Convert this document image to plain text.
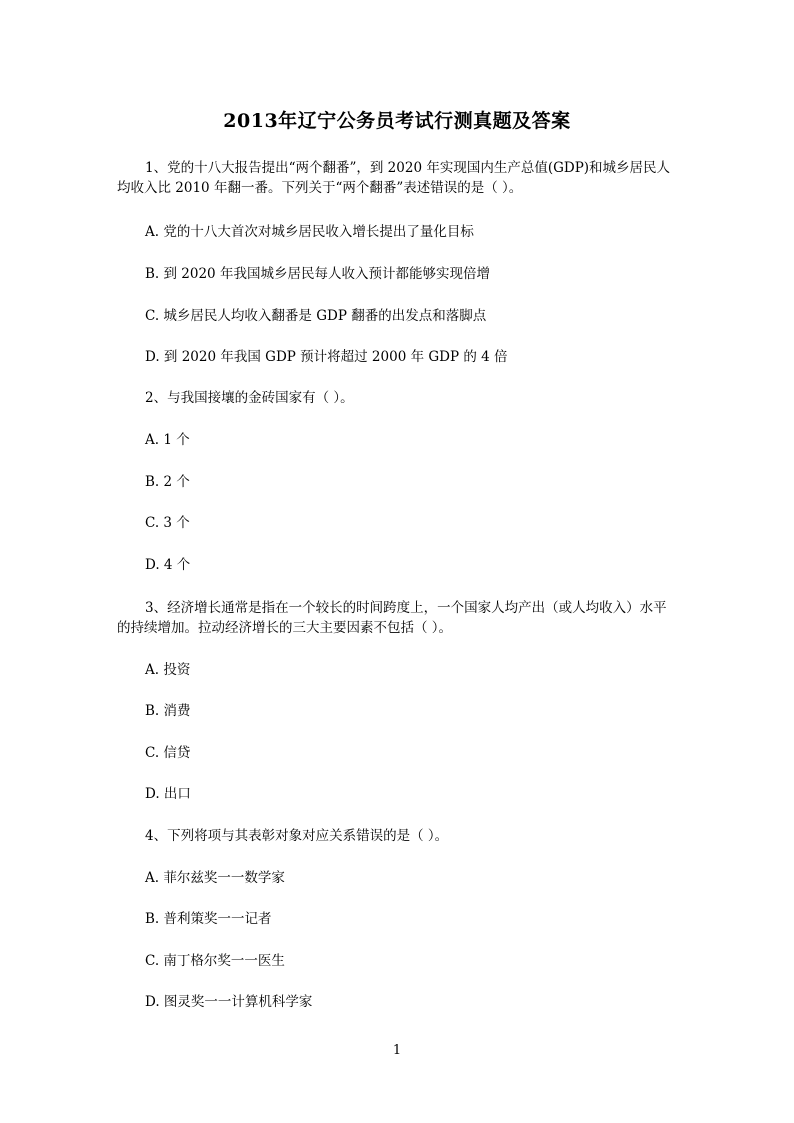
2013年辽宁公务员考试行测真题及答案

1、党的十八大报告提出“两个翻番”，到 2020 年实现国内生产总值(GDP)和城乡居民人均收入比 2010 年翻一番。下列关于“两个翻番”表述错误的是（ ）。

A. 党的十八大首次对城乡居民收入增长提出了量化目标

B. 到 2020 年我国城乡居民每人收入预计都能够实现倍增

C. 城乡居民人均收入翻番是 GDP 翻番的出发点和落脚点

D. 到 2020 年我国 GDP 预计将超过 2000 年 GDP 的 4 倍

2、与我国接壤的金砖国家有（ ）。

A. 1 个

B. 2 个

C. 3 个

D. 4 个

3、经济增长通常是指在一个较长的时间跨度上，一个国家人均产出（或人均收入）水平的持续增加。拉动经济增长的三大主要因素不包括（ ）。

A. 投资

B. 消费

C. 信贷

D. 出口

4、下列将项与其表彰对象对应关系错误的是（ ）。

A. 菲尔兹奖一一数学家

B. 普利策奖一一记者

C. 南丁格尔奖一一医生

D. 图灵奖一一计算机科学家

1
